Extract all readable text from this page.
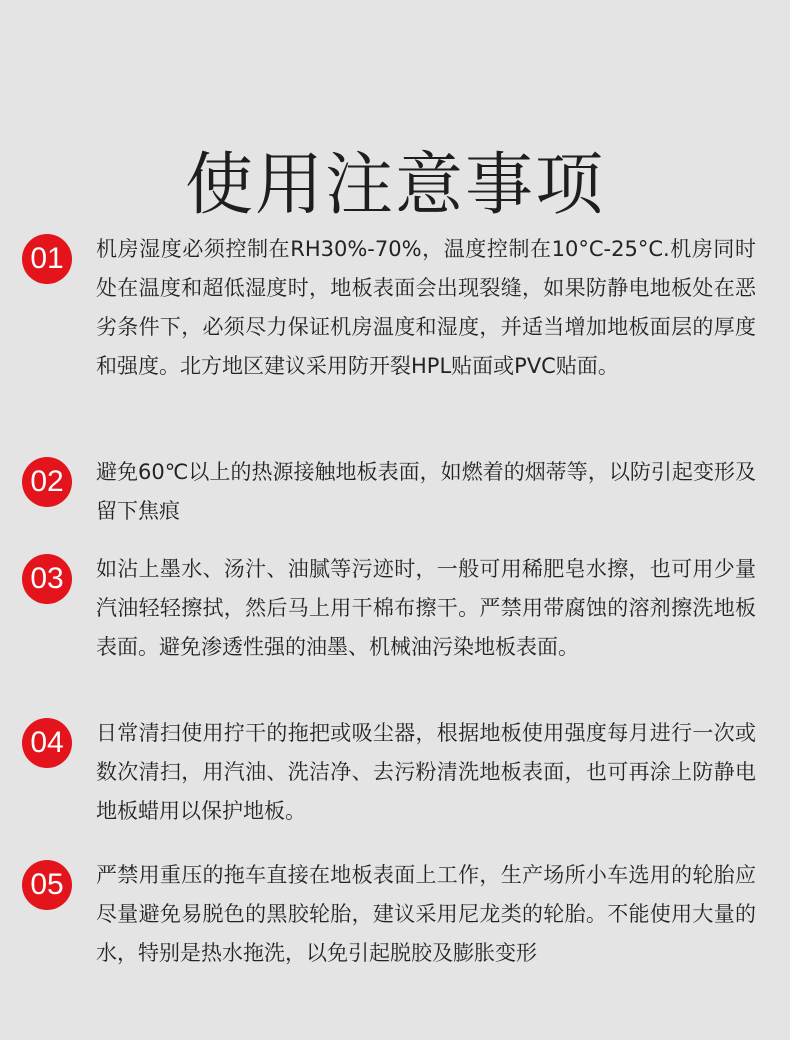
使用注意事项
01	机房湿度必须控制在RH30%-70%，温度控制在10°C-25°C.机房同时处在温度和超低湿度时，地板表面会出现裂缝，如果防静电地板处在恶劣条件下，必须尽力保证机房温度和湿度，并适当增加地板面层的厚度和强度。北方地区建议采用防开裂HPL贴面或PVC贴面。
02	避免60℃以上的热源接触地板表面，如燃着的烟蒂等，以防引起变形及留下焦痕
03	如沾上墨水、汤汁、油腻等污迹时，一般可用稀肥皂水擦，也可用少量汽油轻轻擦拭，然后马上用干棉布擦干。严禁用带腐蚀的溶剂擦洗地板表面。避免渗透性强的油墨、机械油污染地板表面。
04	日常清扫使用拧干的拖把或吸尘器，根据地板使用强度每月进行一次或数次清扫，用汽油、洗洁净、去污粉清洗地板表面，也可再涂上防静电地板蜡用以保护地板。
05	严禁用重压的拖车直接在地板表面上工作，生产场所小车选用的轮胎应尽量避免易脱色的黑胶轮胎，建议采用尼龙类的轮胎。不能使用大量的水，特别是热水拖洗，以免引起脱胶及膨胀变形
